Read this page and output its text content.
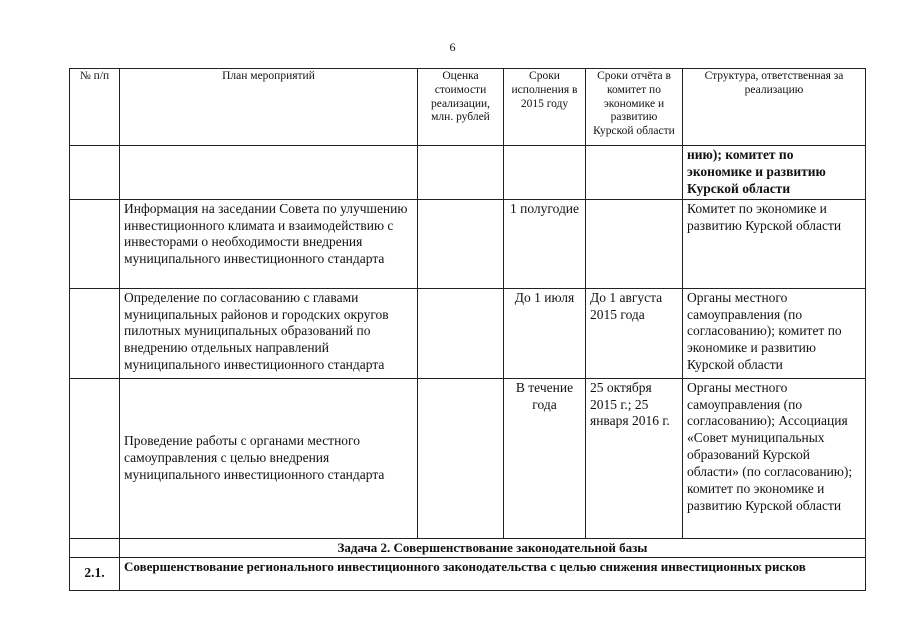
6
№ п/п	План мероприятий	Оценка стоимости реализации, млн. рублей	Сроки исполнения в 2015 году	Сроки отчёта в комитет по экономике и развитию Курской области	Структура, ответственная за реализацию
					нию); комитет по экономике и развитию Курской области
	Информация на заседании Совета по улучшению инвестиционного климата и взаимодействию с инвесторами о необходимости внедрения муниципального инвестиционного стандарта		1 полугодие		Комитет по экономике и развитию Курской области
	Определение по согласованию с главами муниципальных районов и городских округов пилотных муниципальных образований по внедрению отдельных направлений муниципального инвестиционного стандарта		До 1 июля	До 1 августа 2015 года	Органы местного самоуправления (по согласованию); комитет по экономике и развитию Курской области
	Проведение работы с органами местного самоуправления с целью внедрения муниципального инвестиционного стандарта		В течение года	25 октября 2015 г.; 25 января 2016 г.	Органы местного самоуправления (по согласованию); Ассоциация «Совет муниципальных образований Курской области» (по согласованию); комитет по экономике и развитию Курской области
	Задача 2. Совершенствование законодательной базы				
2.1.	Совершенствование регионального инвестиционного законодательства с целью снижения инвестиционных рисков				
